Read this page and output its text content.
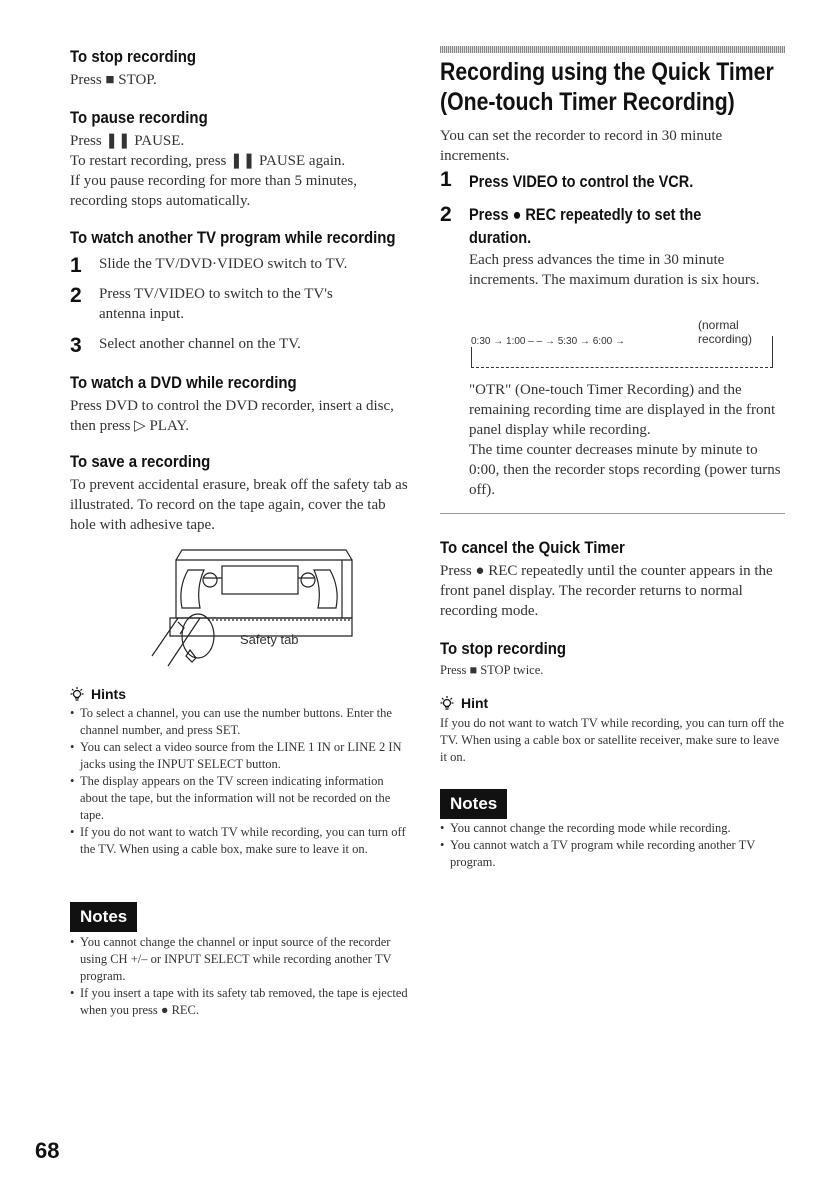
To stop recording
Press ■ STOP.
To pause recording
Press ❚❚ PAUSE.
To restart recording, press ❚❚ PAUSE again.
If you pause recording for more than 5 minutes, recording stops automatically.
To watch another TV program while recording
1	Slide the TV/DVD·VIDEO switch to TV.
2	Press TV/VIDEO to switch to the TV's antenna input.
3	Select another channel on the TV.
To watch a DVD while recording
Press DVD to control the DVD recorder, insert a disc, then press ▷ PLAY.
To save a recording
To prevent accidental erasure, break off the safety tab as illustrated. To record on the tape again, cover the tab hole with adhesive tape.
Safety tab
Hints
• To select a channel, you can use the number buttons. Enter the channel number, and press SET.
• You can select a video source from the LINE 1 IN or LINE 2 IN jacks using the INPUT SELECT button.
• The display appears on the TV screen indicating information about the tape, but the information will not be recorded on the tape.
• If you do not want to watch TV while recording, you can turn off the TV. When using a cable box, make sure to leave it on.
Notes
• You cannot change the channel or input source of the recorder using CH +/– or INPUT SELECT while recording another TV program.
• If you insert a tape with its safety tab removed, the tape is ejected when you press ● REC.
Recording using the Quick Timer
(One-touch Timer Recording)
You can set the recorder to record in 30 minute increments.
1	Press VIDEO to control the VCR.
2	Press ● REC repeatedly to set the
duration.
Each press advances the time in 30 minute increments. The maximum duration is six hours.
0:30 → 1:00 – – → 5:30 → 6:00 →
(normal
recording)
"OTR" (One-touch Timer Recording) and the remaining recording time are displayed in the front panel display while recording.
The time counter decreases minute by minute to 0:00, then the recorder stops recording (power turns off).
To cancel the Quick Timer
Press ● REC repeatedly until the counter appears in the front panel display. The recorder returns to normal recording mode.
To stop recording
Press ■ STOP twice.
Hint
If you do not want to watch TV while recording, you can turn off the TV. When using a cable box or satellite receiver, make sure to leave it on.
Notes
• You cannot change the recording mode while recording.
• You cannot watch a TV program while recording another TV program.
68
